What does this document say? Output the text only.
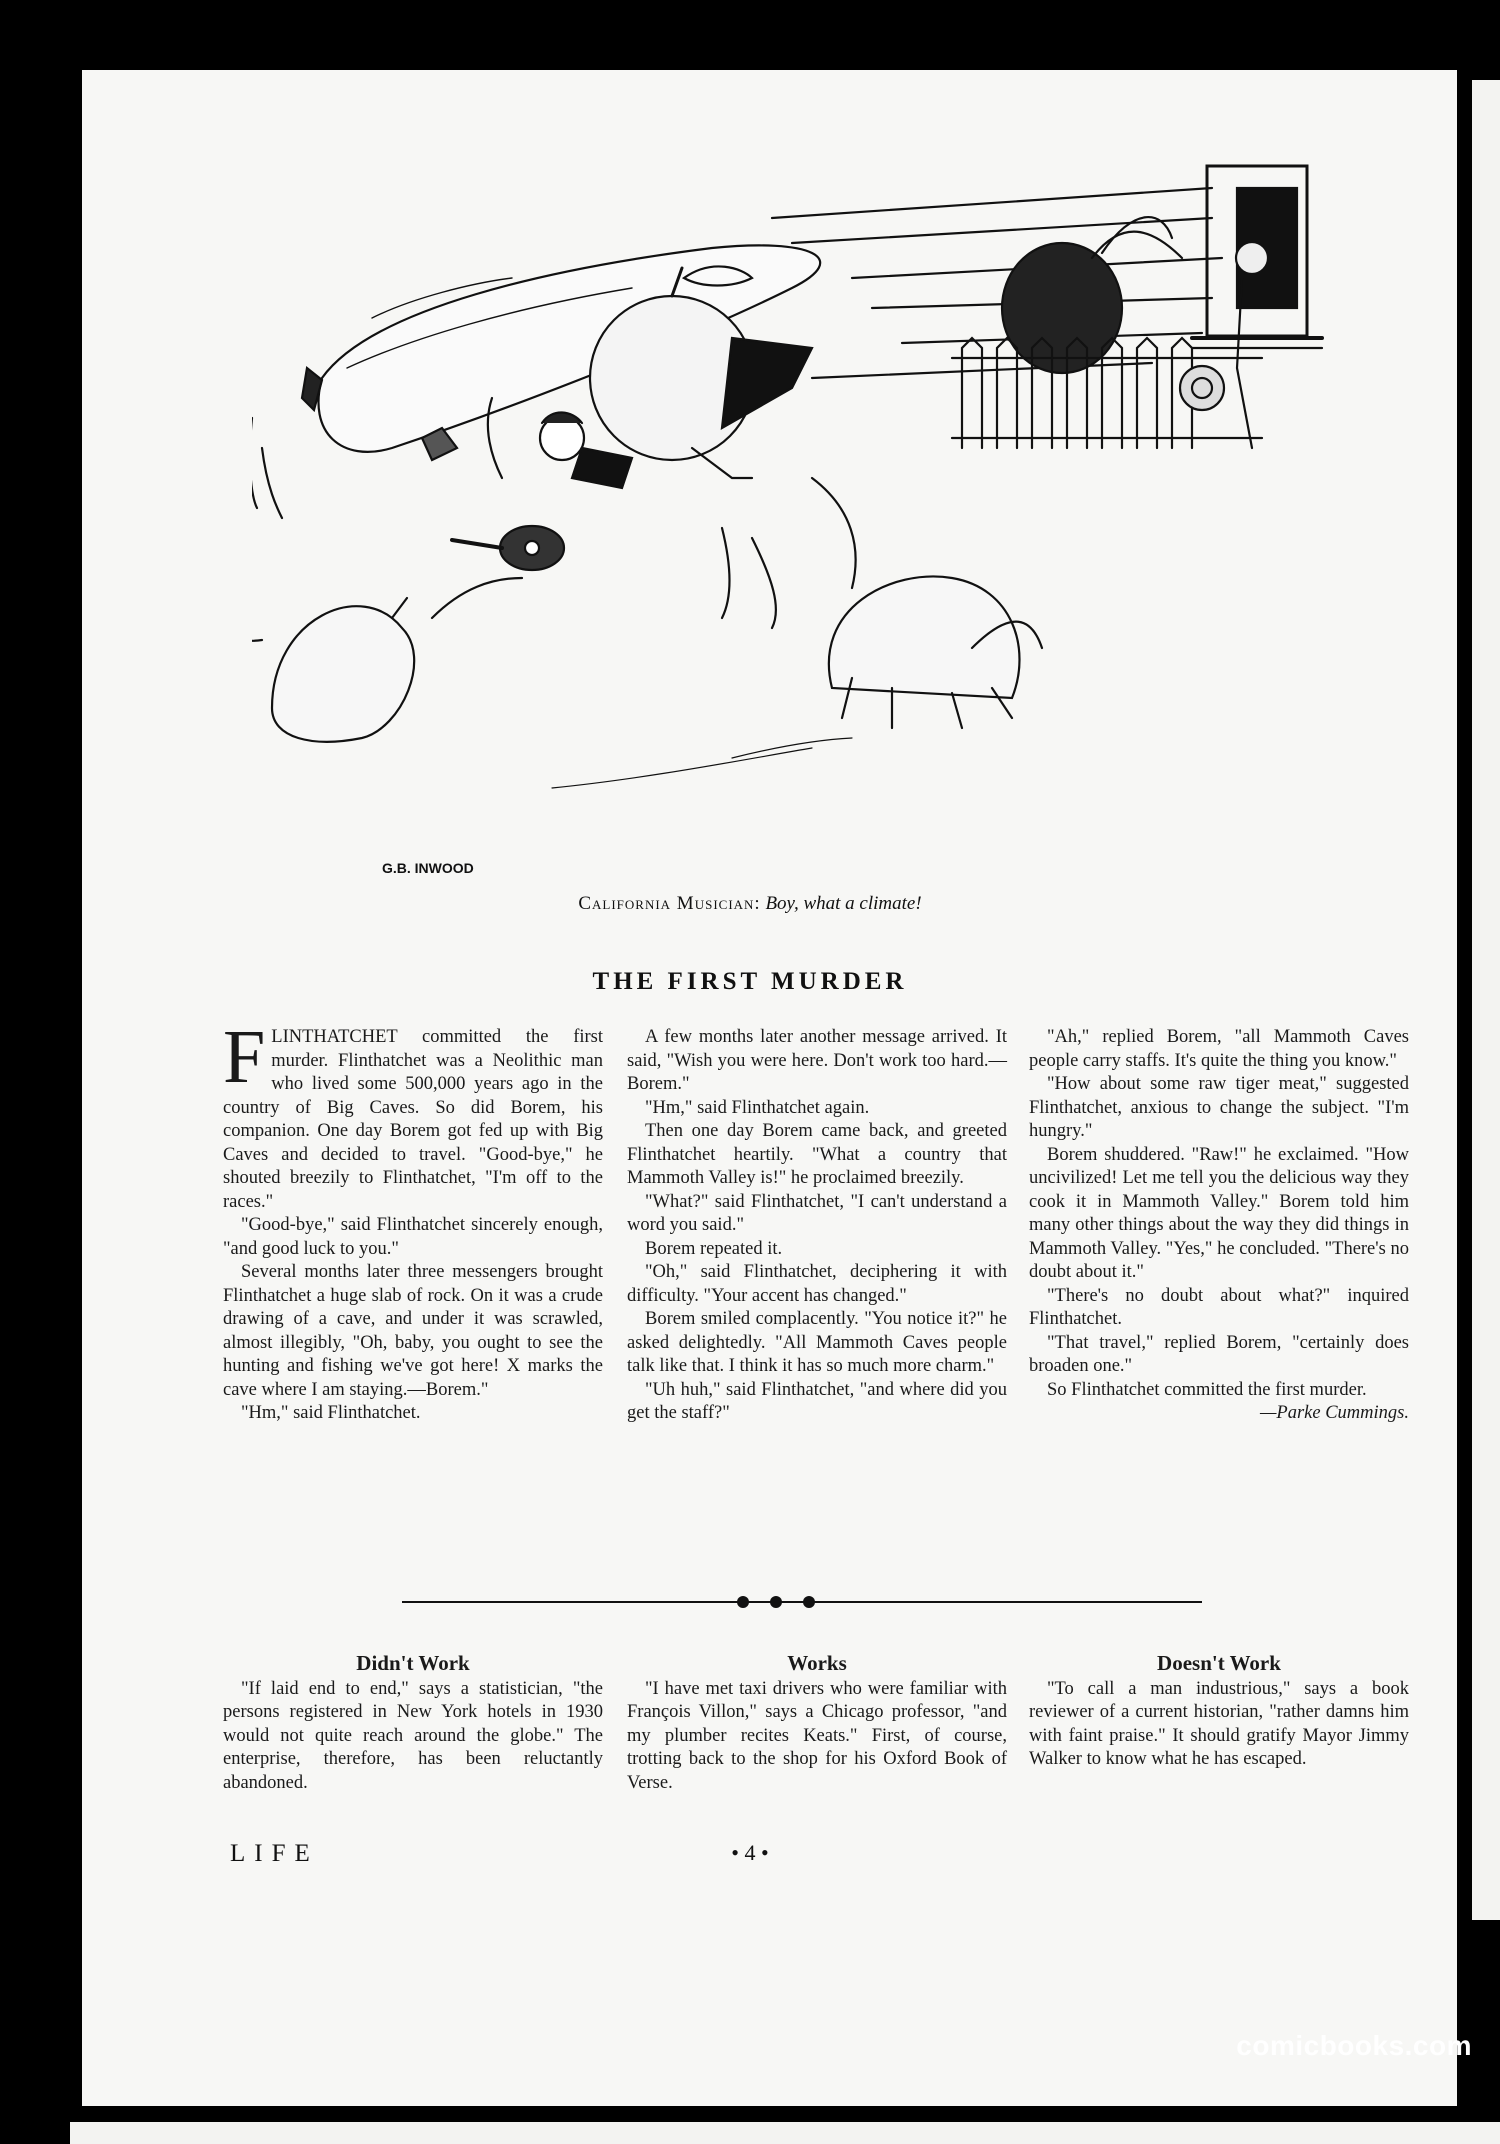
G.B. INWOOD
California Musician: Boy, what a climate!
THE FIRST MURDER

FLINTHATCHET committed the first murder. Flinthatchet was a Neolithic man who lived some 500,000 years ago in the country of Big Caves. So did Borem, his companion. One day Borem got fed up with Big Caves and decided to travel. "Good-bye," he shouted breezily to Flinthatchet, "I'm off to the races."

"Good-bye," said Flinthatchet sincerely enough, "and good luck to you."

Several months later three messengers brought Flinthatchet a huge slab of rock. On it was a crude drawing of a cave, and under it was scrawled, almost illegibly, "Oh, baby, you ought to see the hunting and fishing we've got here! X marks the cave where I am staying.—Borem."

"Hm," said Flinthatchet.

A few months later another message arrived. It said, "Wish you were here. Don't work too hard.—Borem."

"Hm," said Flinthatchet again.

Then one day Borem came back, and greeted Flinthatchet heartily. "What a country that Mammoth Valley is!" he proclaimed breezily.

"What?" said Flinthatchet, "I can't understand a word you said."

Borem repeated it.

"Oh," said Flinthatchet, deciphering it with difficulty. "Your accent has changed."

Borem smiled complacently. "You notice it?" he asked delightedly. "All Mammoth Caves people talk like that. I think it has so much more charm."

"Uh huh," said Flinthatchet, "and where did you get the staff?"

"Ah," replied Borem, "all Mammoth Caves people carry staffs. It's quite the thing you know."

"How about some raw tiger meat," suggested Flinthatchet, anxious to change the subject. "I'm hungry."

Borem shuddered. "Raw!" he exclaimed. "How uncivilized! Let me tell you the delicious way they cook it in Mammoth Valley." Borem told him many other things about the way they did things in Mammoth Valley. "Yes," he concluded. "There's no doubt about it."

"There's no doubt about what?" inquired Flinthatchet.

"That travel," replied Borem, "certainly does broaden one."

So Flinthatchet committed the first murder.
—Parke Cummings.

Didn't Work

"If laid end to end," says a statistician, "the persons registered in New York hotels in 1930 would not quite reach around the globe." The enterprise, therefore, has been reluctantly abandoned.

Works

"I have met taxi drivers who were familiar with François Villon," says a Chicago professor, "and my plumber recites Keats." First, of course, trotting back to the shop for his Oxford Book of Verse.

Doesn't Work

"To call a man industrious," says a book reviewer of a current historian, "rather damns him with faint praise." It should gratify Mayor Jimmy Walker to know what he has escaped.

LIFE	• 4 •
comicbooks.com
